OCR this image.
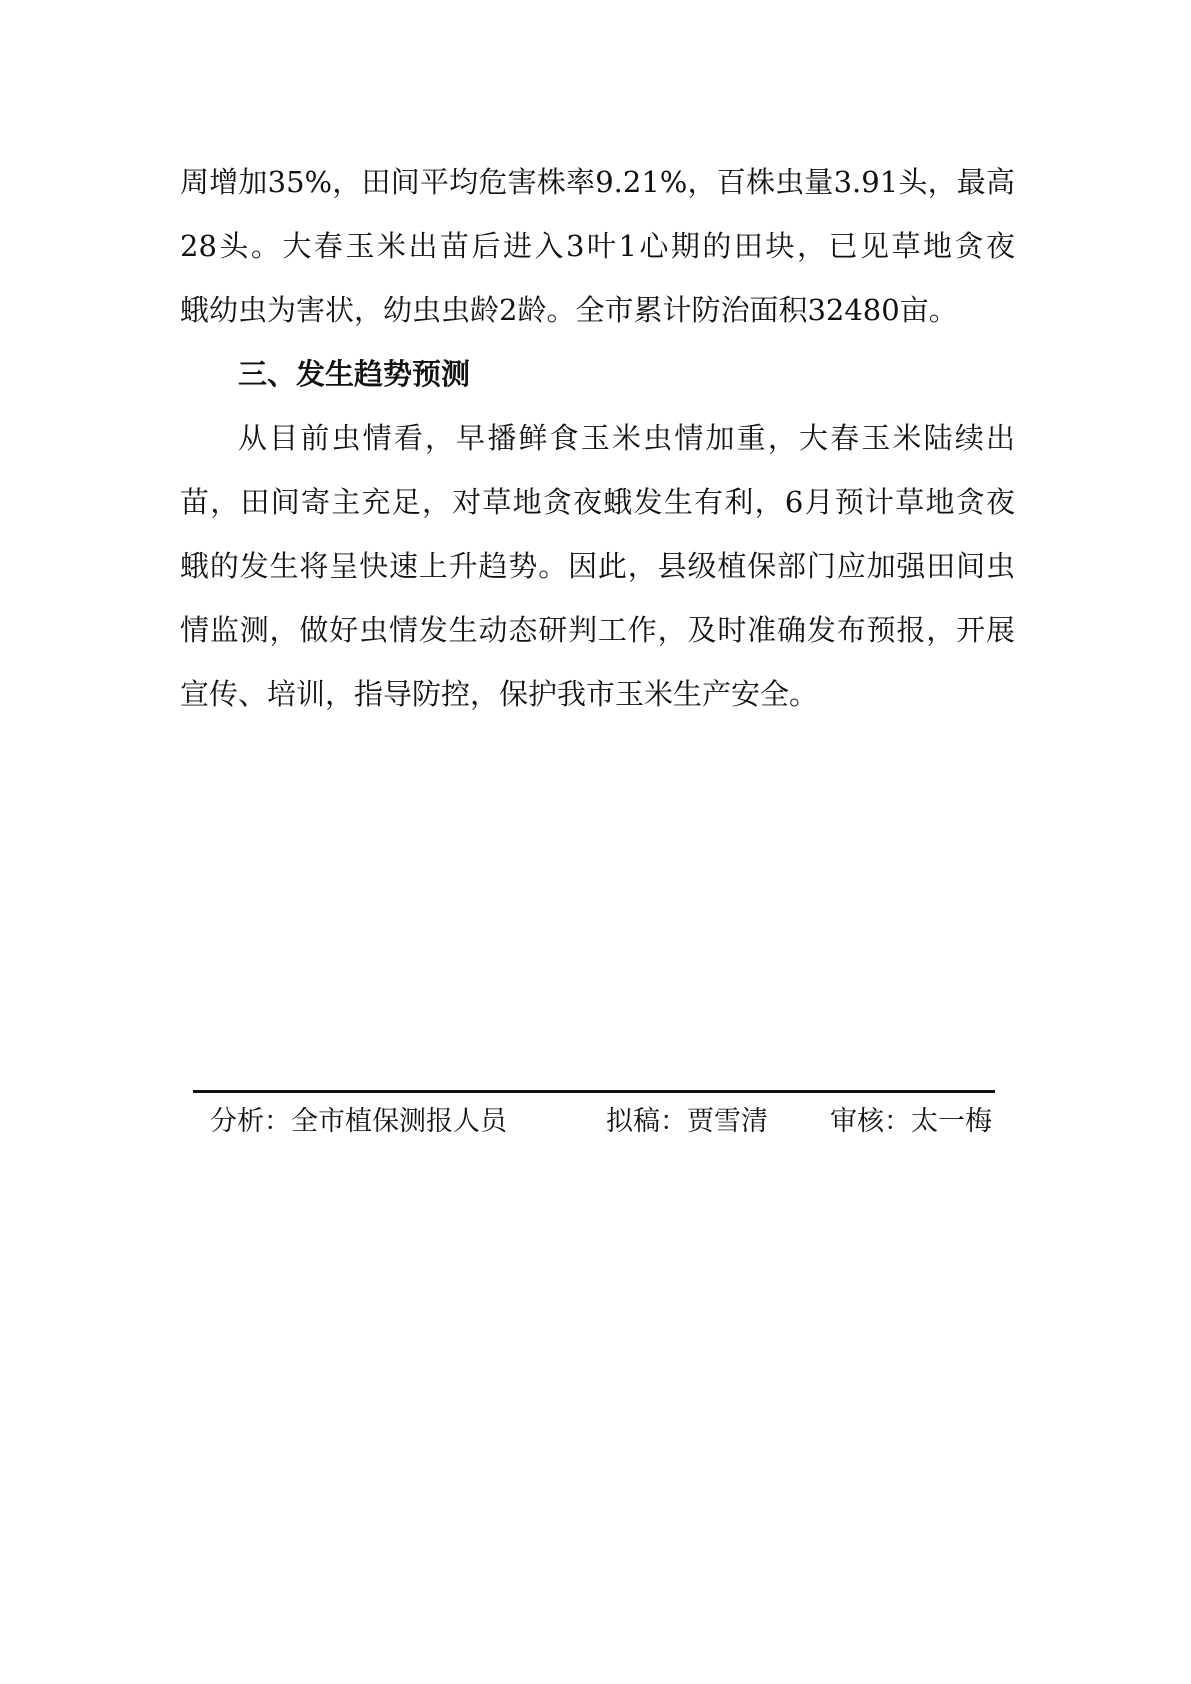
周增加35%，田间平均危害株率9.21%，百株虫量3.91头，最高
28头。大春玉米出苗后进入3叶1心期的田块，已见草地贪夜
蛾幼虫为害状，幼虫虫龄2龄。全市累计防治面积32480亩。
三、发生趋势预测
从目前虫情看，早播鲜食玉米虫情加重，大春玉米陆续出
苗，田间寄主充足，对草地贪夜蛾发生有利，6月预计草地贪夜
蛾的发生将呈快速上升趋势。因此，县级植保部门应加强田间虫
情监测，做好虫情发生动态研判工作，及时准确发布预报，开展
宣传、培训，指导防控，保护我市玉米生产安全。
分析：全市植保测报人员	拟稿：贾雪清 审核：太一梅
